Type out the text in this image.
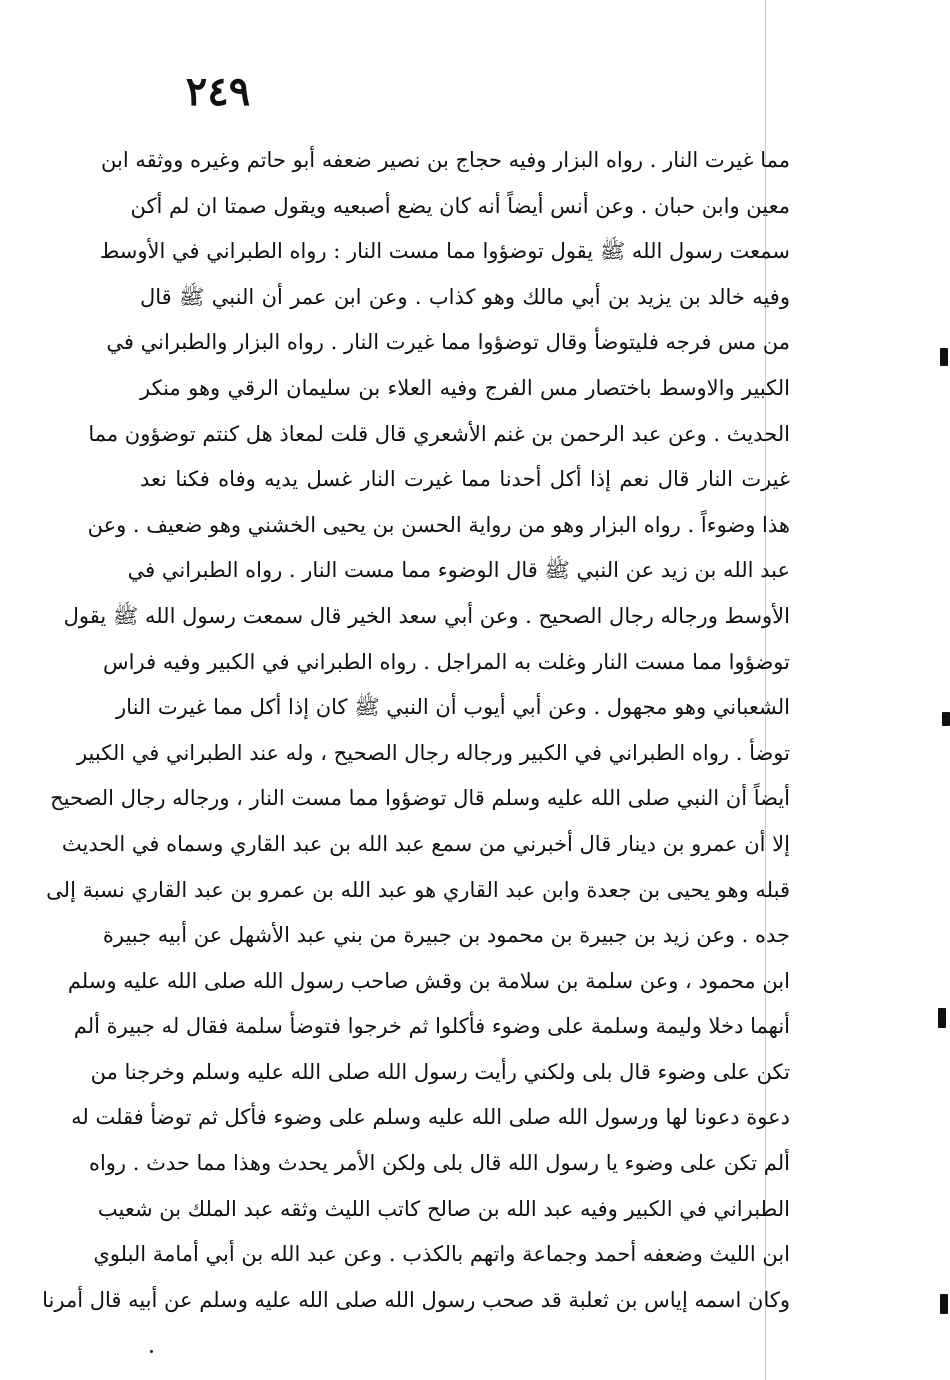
٢٤٩
مما غيرت النار . رواه البزار وفيه حجاج بن نصير ضعفه أبو حاتم وغيره ووثقه ابن
معين وابن حبان . وعن أنس أيضاً أنه كان يضع أصبعيه ويقول صمتا ان لم أكن
سمعت رسول الله ﷺ يقول توضؤوا مما مست النار : رواه الطبراني في الأوسط
وفيه خالد بن يزيد بن أبي مالك وهو كذاب . وعن ابن عمر أن النبي ﷺ قال
من مس فرجه فليتوضأ وقال توضؤوا مما غيرت النار . رواه البزار والطبراني في
الكبير والاوسط باختصار مس الفرج وفيه العلاء بن سليمان الرقي وهو منكر
الحديث . وعن عبد الرحمن بن غنم الأشعري قال قلت لمعاذ هل كنتم توضؤون مما
غيرت النار قال نعم إذا أكل أحدنا مما غيرت النار غسل يديه وفاه فكنا نعد
هذا وضوءاً . رواه البزار وهو من رواية الحسن بن يحيى الخشني وهو ضعيف . وعن
عبد الله بن زيد عن النبي ﷺ قال الوضوء مما مست النار . رواه الطبراني في
الأوسط ورجاله رجال الصحيح . وعن أبي سعد الخير قال سمعت رسول الله ﷺ يقول
توضؤوا مما مست النار وغلت به المراجل . رواه الطبراني في الكبير وفيه فراس
الشعباني وهو مجهول . وعن أبي أيوب أن النبي ﷺ كان إذا أكل مما غيرت النار
توضأ . رواه الطبراني في الكبير ورجاله رجال الصحيح ، وله عند الطبراني في الكبير
أيضاً أن النبي صلى الله عليه وسلم قال توضؤوا مما مست النار ، ورجاله رجال الصحيح
إلا أن عمرو بن دينار قال أخبرني من سمع عبد الله بن عبد القاري وسماه في الحديث
قبله وهو يحيى بن جعدة وابن عبد القاري هو عبد الله بن عمرو بن عبد القاري نسبة إلى
جده . وعن زيد بن جبيرة بن محمود بن جبيرة من بني عبد الأشهل عن أبيه جبيرة
ابن محمود ، وعن سلمة بن سلامة بن وقش صاحب رسول الله صلى الله عليه وسلم
أنهما دخلا وليمة وسلمة على وضوء فأكلوا ثم خرجوا فتوضأ سلمة فقال له جبيرة ألم
تكن على وضوء قال بلى ولكني رأيت رسول الله صلى الله عليه وسلم وخرجنا من
دعوة دعونا لها ورسول الله صلى الله عليه وسلم على وضوء فأكل ثم توضأ فقلت له
ألم تكن على وضوء يا رسول الله قال بلى ولكن الأمر يحدث وهذا مما حدث . رواه
الطبراني في الكبير وفيه عبد الله بن صالح كاتب الليث وثقه عبد الملك بن شعيب
ابن الليث وضعفه أحمد وجماعة واتهم بالكذب . وعن عبد الله بن أبي أمامة البلوي
وكان اسمه إياس بن ثعلبة قد صحب رسول الله صلى الله عليه وسلم عن أبيه قال أمرنا
